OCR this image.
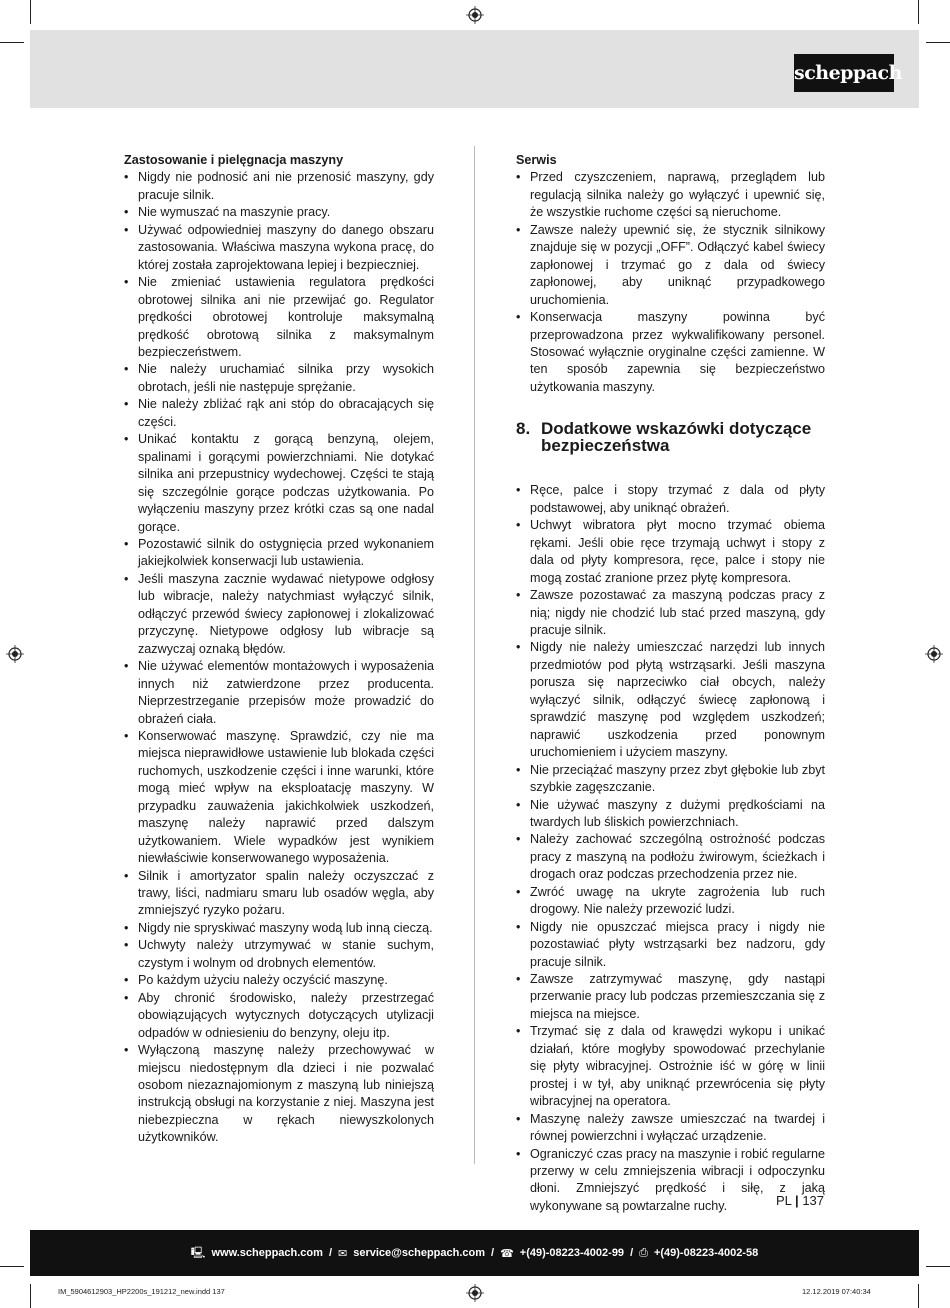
scheppach
Zastosowanie i pielęgnacja maszyny
• Nigdy nie podnosić ani nie przenosić maszyny, gdy pracuje silnik.
• Nie wymuszać na maszynie pracy.
• Używać odpowiedniej maszyny do danego obszaru zastosowania. Właściwa maszyna wykona pracę, do której została zaprojektowana lepiej i bezpieczniej.
• Nie zmieniać ustawienia regulatora prędkości obrotowej silnika ani nie przewijać go. Regulator prędkości obrotowej kontroluje maksymalną prędkość obrotową silnika z maksymalnym bezpieczeństwem.
• Nie należy uruchamiać silnika przy wysokich obrotach, jeśli nie następuje sprężanie.
• Nie należy zbliżać rąk ani stóp do obracających się części.
• Unikać kontaktu z gorącą benzyną, olejem, spalinami i gorącymi powierzchniami. Nie dotykać silnika ani przepustnicy wydechowej. Części te stają się szczególnie gorące podczas użytkowania. Po wyłączeniu maszyny przez krótki czas są one nadal gorące.
• Pozostawić silnik do ostygnięcia przed wykonaniem jakiejkolwiek konserwacji lub ustawienia.
• Jeśli maszyna zacznie wydawać nietypowe odgłosy lub wibracje, należy natychmiast wyłączyć silnik, odłączyć przewód świecy zapłonowej i zlokalizować przyczynę. Nietypowe odgłosy lub wibracje są zazwyczaj oznaką błędów.
• Nie używać elementów montażowych i wyposażenia innych niż zatwierdzone przez producenta. Nieprzestrzeganie przepisów może prowadzić do obrażeń ciała.
• Konserwować maszynę. Sprawdzić, czy nie ma miejsca nieprawidłowe ustawienie lub blokada części ruchomych, uszkodzenie części i inne warunki, które mogą mieć wpływ na eksploatację maszyny. W przypadku zauważenia jakichkolwiek uszkodzeń, maszynę należy naprawić przed dalszym użytkowaniem. Wiele wypadków jest wynikiem niewłaściwie konserwowanego wyposażenia.
• Silnik i amortyzator spalin należy oczyszczać z trawy, liści, nadmiaru smaru lub osadów węgla, aby zmniejszyć ryzyko pożaru.
• Nigdy nie spryskiwać maszyny wodą lub inną cieczą.
• Uchwyty należy utrzymywać w stanie suchym, czystym i wolnym od drobnych elementów.
• Po każdym użyciu należy oczyścić maszynę.
• Aby chronić środowisko, należy przestrzegać obowiązujących wytycznych dotyczących utylizacji odpadów w odniesieniu do benzyny, oleju itp.
• Wyłączoną maszynę należy przechowywać w miejscu niedostępnym dla dzieci i nie pozwalać osobom niezaznajomionym z maszyną lub niniejszą instrukcją obsługi na korzystanie z niej. Maszyna jest niebezpieczna w rękach niewyszkolonych użytkowników.
Serwis
• Przed czyszczeniem, naprawą, przeglądem lub regulacją silnika należy go wyłączyć i upewnić się, że wszystkie ruchome części są nieruchome.
• Zawsze należy upewnić się, że stycznik silnikowy znajduje się w pozycji „OFF”. Odłączyć kabel świecy zapłonowej i trzymać go z dala od świecy zapłonowej, aby uniknąć przypadkowego uruchomienia.
• Konserwacja maszyny powinna być przeprowadzona przez wykwalifikowany personel. Stosować wyłącznie oryginalne części zamienne. W ten sposób zapewnia się bezpieczeństwo użytkowania maszyny.
8. Dodatkowe wskazówki dotyczące bezpieczeństwa
• Ręce, palce i stopy trzymać z dala od płyty podstawowej, aby uniknąć obrażeń.
• Uchwyt wibratora płyt mocno trzymać obiema rękami. Jeśli obie ręce trzymają uchwyt i stopy z dala od płyty kompresora, ręce, palce i stopy nie mogą zostać zranione przez płytę kompresora.
• Zawsze pozostawać za maszyną podczas pracy z nią; nigdy nie chodzić lub stać przed maszyną, gdy pracuje silnik.
• Nigdy nie należy umieszczać narzędzi lub innych przedmiotów pod płytą wstrząsarki. Jeśli maszyna porusza się naprzeciwko ciał obcych, należy wyłączyć silnik, odłączyć świecę zapłonową i sprawdzić maszynę pod względem uszkodzeń; naprawić uszkodzenia przed ponownym uruchomieniem i użyciem maszyny.
• Nie przeciążać maszyny przez zbyt głębokie lub zbyt szybkie zagęszczanie.
• Nie używać maszyny z dużymi prędkościami na twardych lub śliskich powierzchniach.
• Należy zachować szczególną ostrożność podczas pracy z maszyną na podłożu żwirowym, ścieżkach i drogach oraz podczas przechodzenia przez nie.
• Zwróć uwagę na ukryte zagrożenia lub ruch drogowy. Nie należy przewozić ludzi.
• Nigdy nie opuszczać miejsca pracy i nigdy nie pozostawiać płyty wstrząsarki bez nadzoru, gdy pracuje silnik.
• Zawsze zatrzymywać maszynę, gdy nastąpi przerwanie pracy lub podczas przemieszczania się z miejsca na miejsce.
• Trzymać się z dala od krawędzi wykopu i unikać działań, które mogłyby spowodować przechylanie się płyty wibracyjnej. Ostrożnie iść w górę w linii prostej i w tył, aby uniknąć przewrócenia się płyty wibracyjnej na operatora.
• Maszynę należy zawsze umieszczać na twardej i równej powierzchni i wyłączać urządzenie.
• Ograniczyć czas pracy na maszynie i robić regularne przerwy w celu zmniejszenia wibracji i odpoczynku dłoni. Zmniejszyć prędkość i siłę, z jaką wykonywane są powtarzalne ruchy.	PL | 137
🖳 www.scheppach.com / ✉ service@scheppach.com / ☎ +(49)-08223-4002-99 / ⎙ +(49)-08223-4002-58
IM_5904612903_HP2200s_191212_new.indd 137	12.12.2019 07:40:34
